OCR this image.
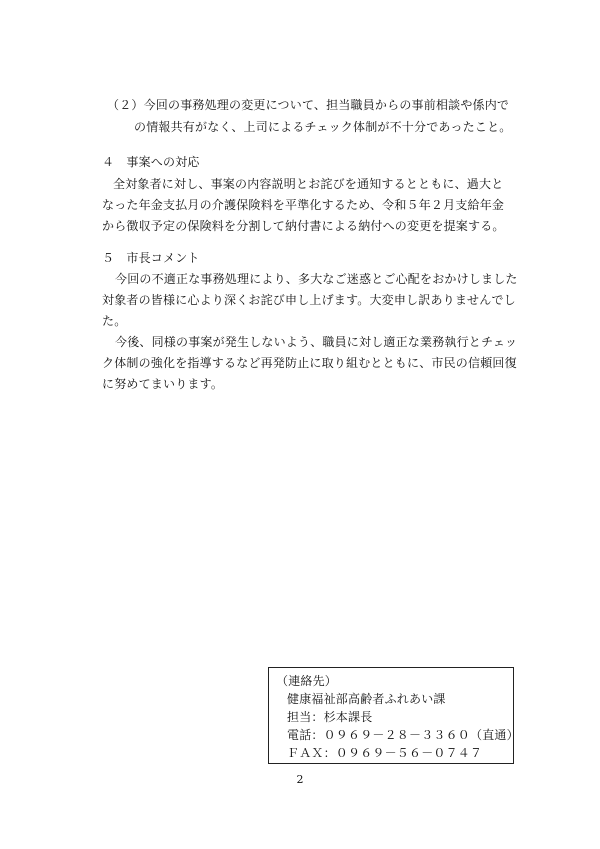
（２）今回の事務処理の変更について、担当職員からの事前相談や係内で
の情報共有がなく、上司によるチェック体制が不十分であったこと。
４　事案への対応
全対象者に対し、事案の内容説明とお詫びを通知するとともに、過大と
なった年金支払月の介護保険料を平準化するため、令和５年２月支給年金
から徴収予定の保険料を分割して納付書による納付への変更を提案する。
５　市長コメント
今回の不適正な事務処理により、多大なご迷惑とご心配をおかけしました
対象者の皆様に心より深くお詫び申し上げます。大変申し訳ありませんでし
た。
今後、同様の事案が発生しないよう、職員に対し適正な業務執行とチェッ
ク体制の強化を指導するなど再発防止に取り組むとともに、市民の信頼回復
に努めてまいります。
（連絡先）
健康福祉部高齢者ふれあい課
担当：杉本課長
電話：０９６９－２８－３３６０（直通）
ＦＡＸ：０９６９－５６－０７４７
2
